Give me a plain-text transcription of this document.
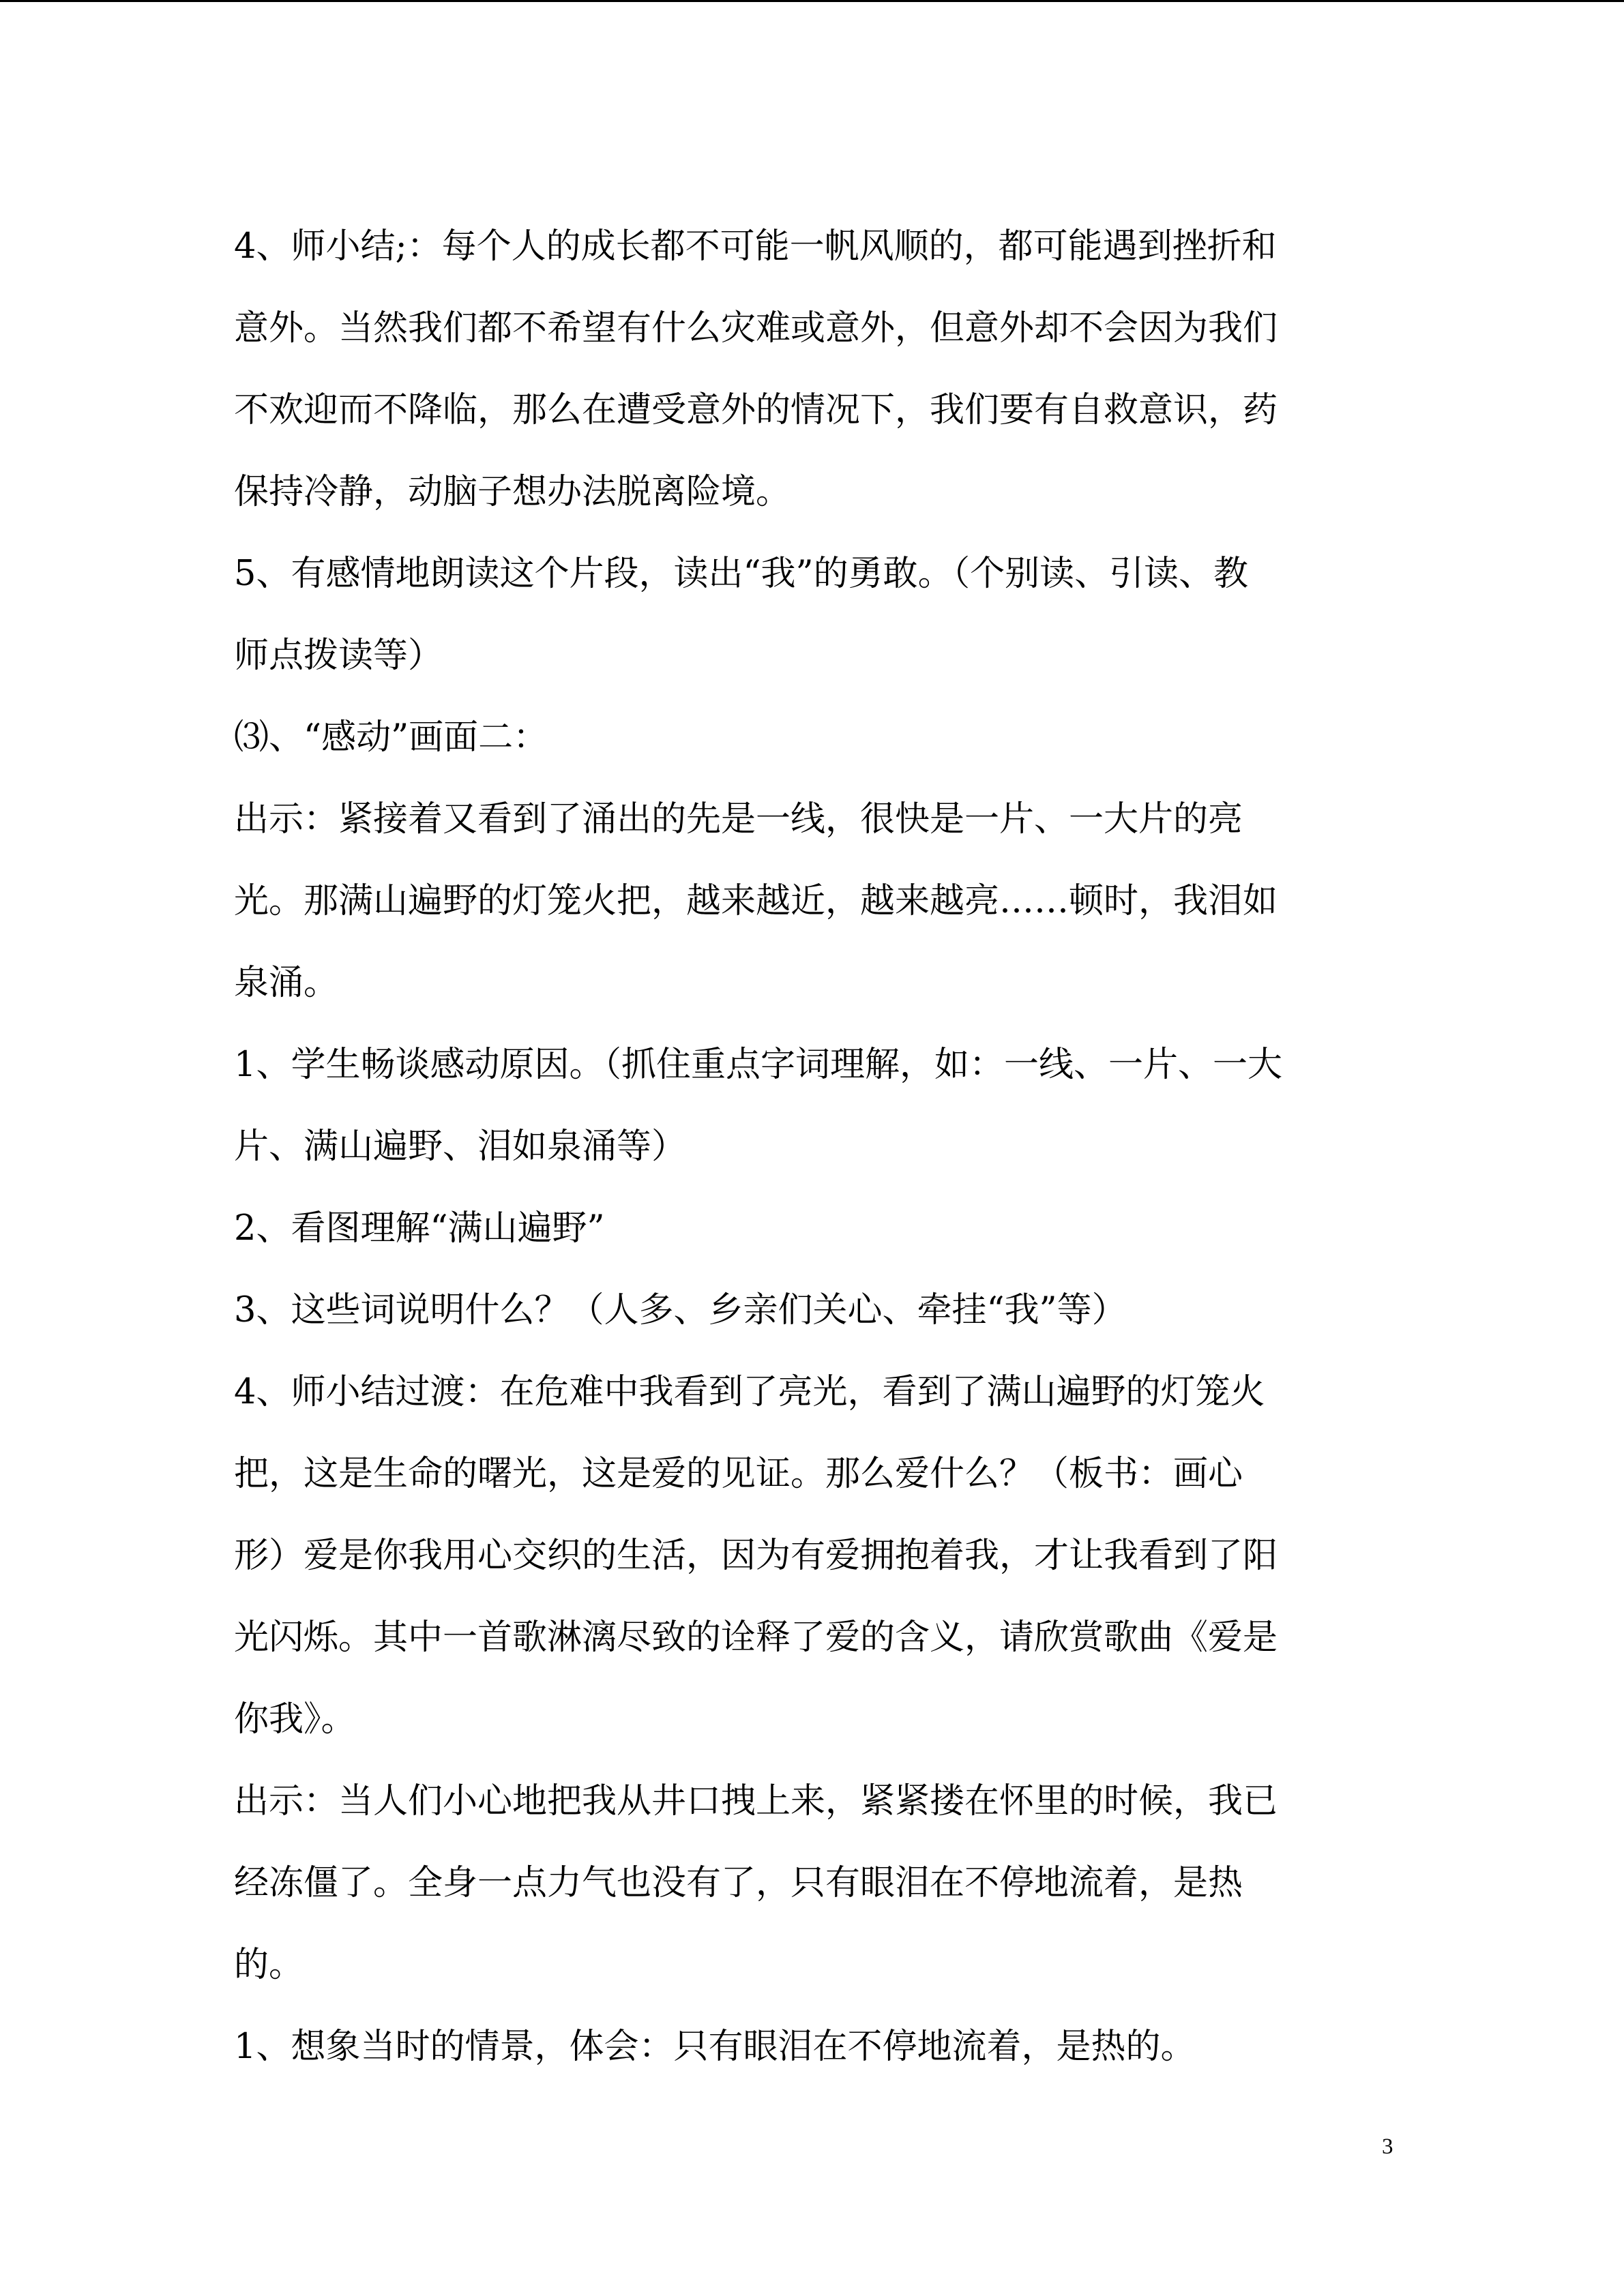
4、师小结;：每个人的成长都不可能一帆风顺的，都可能遇到挫折和
意外。当然我们都不希望有什么灾难或意外，但意外却不会因为我们
不欢迎而不降临，那么在遭受意外的情况下，我们要有自救意识，药
保持冷静，动脑子想办法脱离险境。
5、有感情地朗读这个片段，读出“我”的勇敢。（个别读、引读、教
师点拨读等）
⑶、“感动”画面二：
出示：紧接着又看到了涌出的先是一线，很快是一片、一大片的亮
光。那满山遍野的灯笼火把，越来越近，越来越亮……顿时，我泪如
泉涌。
1、学生畅谈感动原因。（抓住重点字词理解，如：一线、一片、一大
片、满山遍野、泪如泉涌等）
2、看图理解“满山遍野”
3、这些词说明什么？（人多、乡亲们关心、牵挂“我”等）
4、师小结过渡：在危难中我看到了亮光，看到了满山遍野的灯笼火
把，这是生命的曙光，这是爱的见证。那么爱什么？（板书：画心
形）爱是你我用心交织的生活，因为有爱拥抱着我，才让我看到了阳
光闪烁。其中一首歌淋漓尽致的诠释了爱的含义，请欣赏歌曲《爱是
你我》。
出示：当人们小心地把我从井口拽上来，紧紧搂在怀里的时候，我已
经冻僵了。全身一点力气也没有了，只有眼泪在不停地流着，是热
的。
1、想象当时的情景，体会：只有眼泪在不停地流着，是热的。
3
